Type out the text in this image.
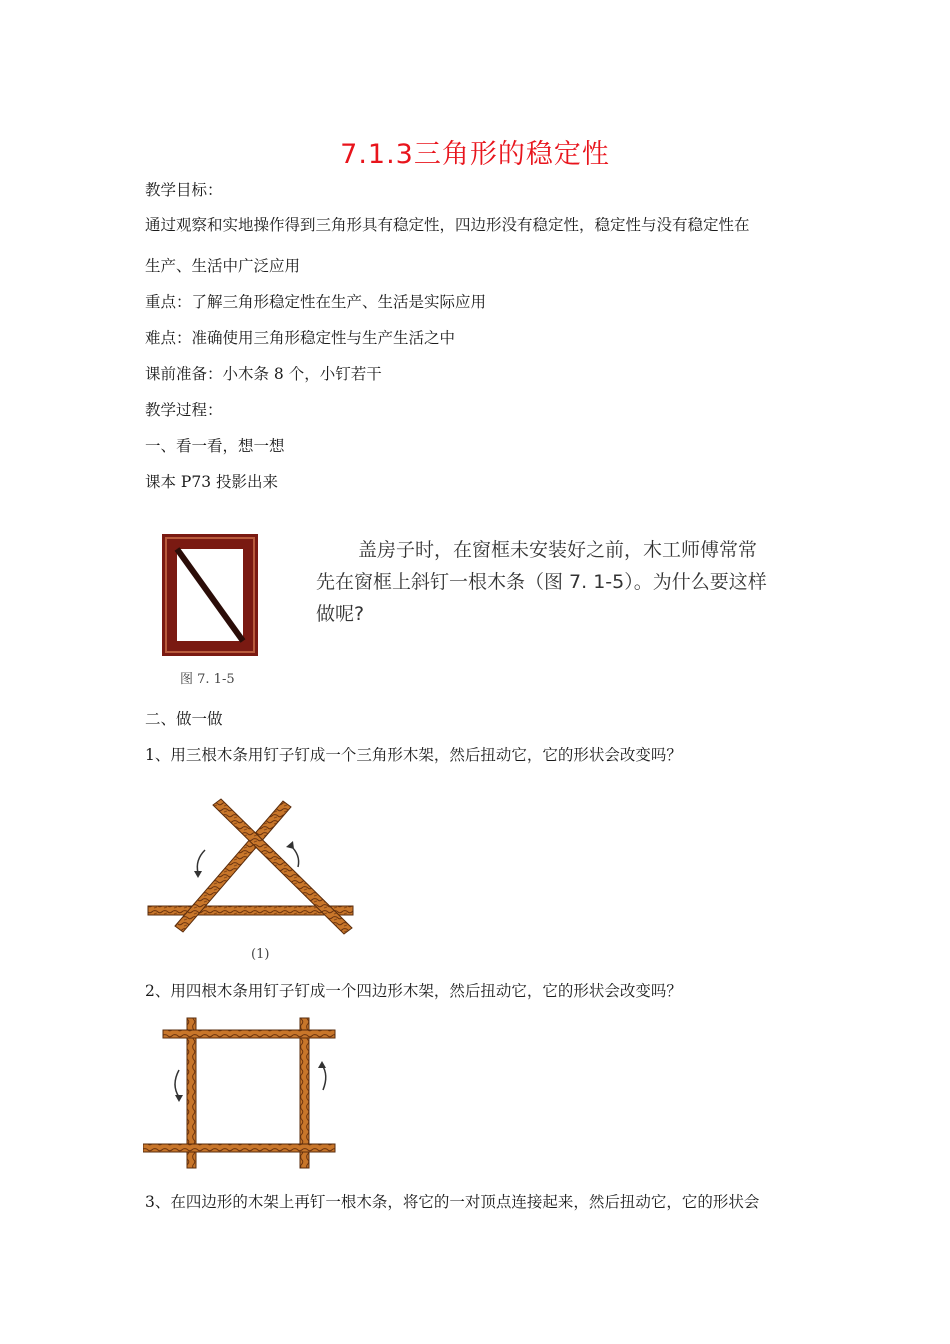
7.1.3三角形的稳定性
教学目标：
通过观察和实地操作得到三角形具有稳定性，四边形没有稳定性，稳定性与没有稳定性在
生产、生活中广泛应用
重点：了解三角形稳定性在生产、生活是实际应用
难点：准确使用三角形稳定性与生产生活之中
课前准备：小木条 8 个，小钉若干
教学过程：
一、看一看，想一想
课本 P73 投影出来
图 7. 1-5
盖房子时，在窗框未安装好之前，木工师傅常常
先在窗框上斜钉一根木条（图 7. 1-5）。为什么要这样
做呢?
二、做一做
1、用三根木条用钉子钉成一个三角形木架，然后扭动它，它的形状会改变吗？
(1)
2、用四根木条用钉子钉成一个四边形木架，然后扭动它，它的形状会改变吗？
3、在四边形的木架上再钉一根木条，将它的一对顶点连接起来，然后扭动它，它的形状会
